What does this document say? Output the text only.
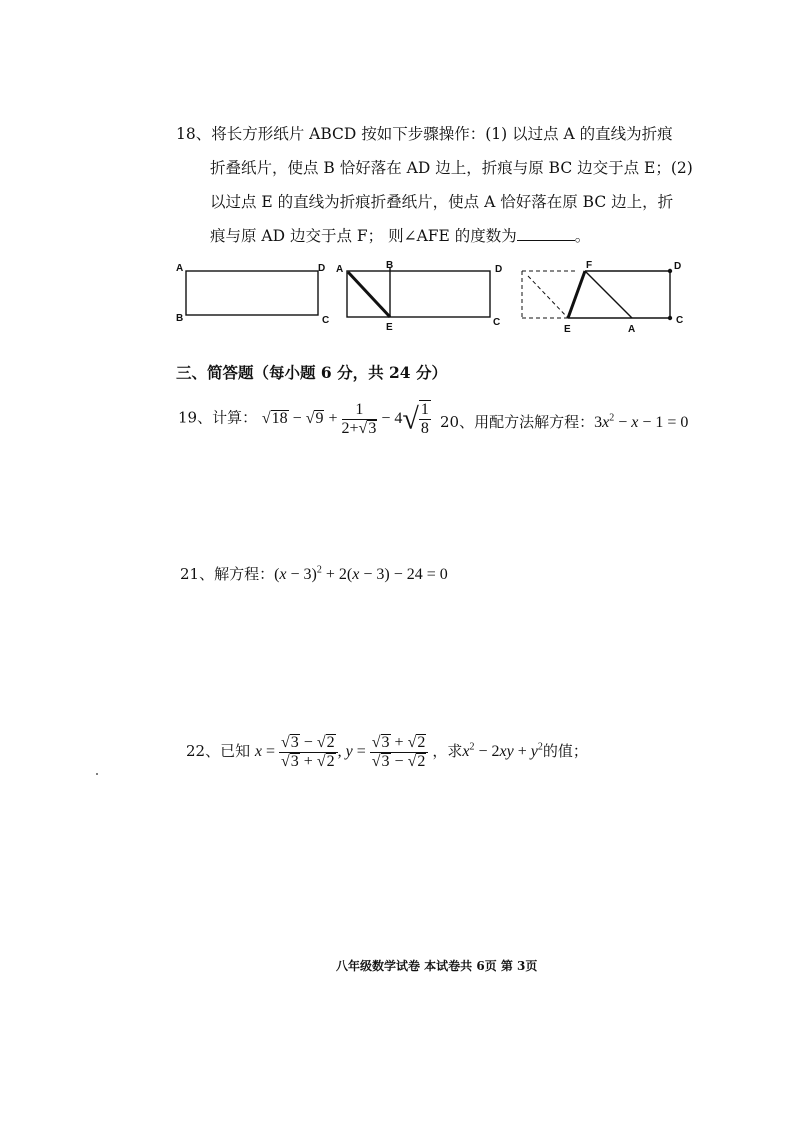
18、将长方形纸片 ABCD 按如下步骤操作：(1) 以过点 A 的直线为折痕
折叠纸片，使点 B 恰好落在 AD 边上，折痕与原 BC 边交于点 E；(2)
以过点 E 的直线为折痕折叠纸片，使点 A 恰好落在原 BC 边上，折
痕与原 AD 边交于点 F； 则∠AFE 的度数为	。
A	D
B	C
A	B	D
E	C
F	D
E	A
C
三、简答题（每小题 6 分，共 24 分）
19、计算： $√18 - √9 + \frac{1}{2+√3} - 4√ \frac{1}{8} 20$、用配方法解方程：$3x^2 - x - 1 = 0$
21、解方程：$(x - 3)^2 + 2(x - 3) - 24 = 0$
22、已知 $x = \frac{√3 - √2}{√3 + √2}$ , $y = \frac{√3 + √2}{√3 - √2}$ ，求$x^2 - 2xy + y^2$的值；
八年级数学试卷 本试卷共 6页 第 3页
